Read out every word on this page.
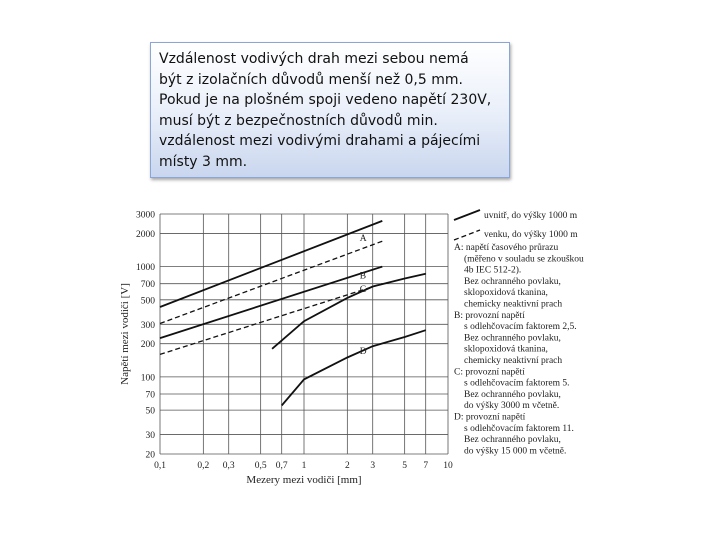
Vzdálenost vodivých drah mezi sebou nemá

být z izolačních důvodů menší než 0,5 mm.

Pokud je na plošném spoji vedeno napětí 230V,

musí být z bezpečnostních důvodů min.

vzdálenost mezi vodivými drahami a pájecími

místy 3 mm.

0,1	0,2 0,3 0,5 0,7 1	2 3	5 7 10
20
30
50
70
100
200
300
500
700
1000
2000
3000
A
B
C
D
Mezery mezi vodiči [mm]
Napětí mezi vodiči [V]
uvnitř, do výšky 1000 m
venku, do výšky 1000 m
A: napětí časového průrazu
(měřeno v souladu se zkouškou
4b IEC 512-2).
Bez ochranného povlaku,
sklopoxidová tkanina,
chemicky neaktivní prach
B: provozní napětí
s odlehčovacím faktorem 2,5.
Bez ochranného povlaku,
sklopoxidová tkanina,
chemicky neaktivní prach
C: provozní napětí
s odlehčovacím faktorem 5.
Bez ochranného povlaku,
do výšky 3000 m včetně.
D: provozní napětí
s odlehčovacím faktorem 11.
Bez ochranného povlaku,
do výšky 15 000 m včetně.
